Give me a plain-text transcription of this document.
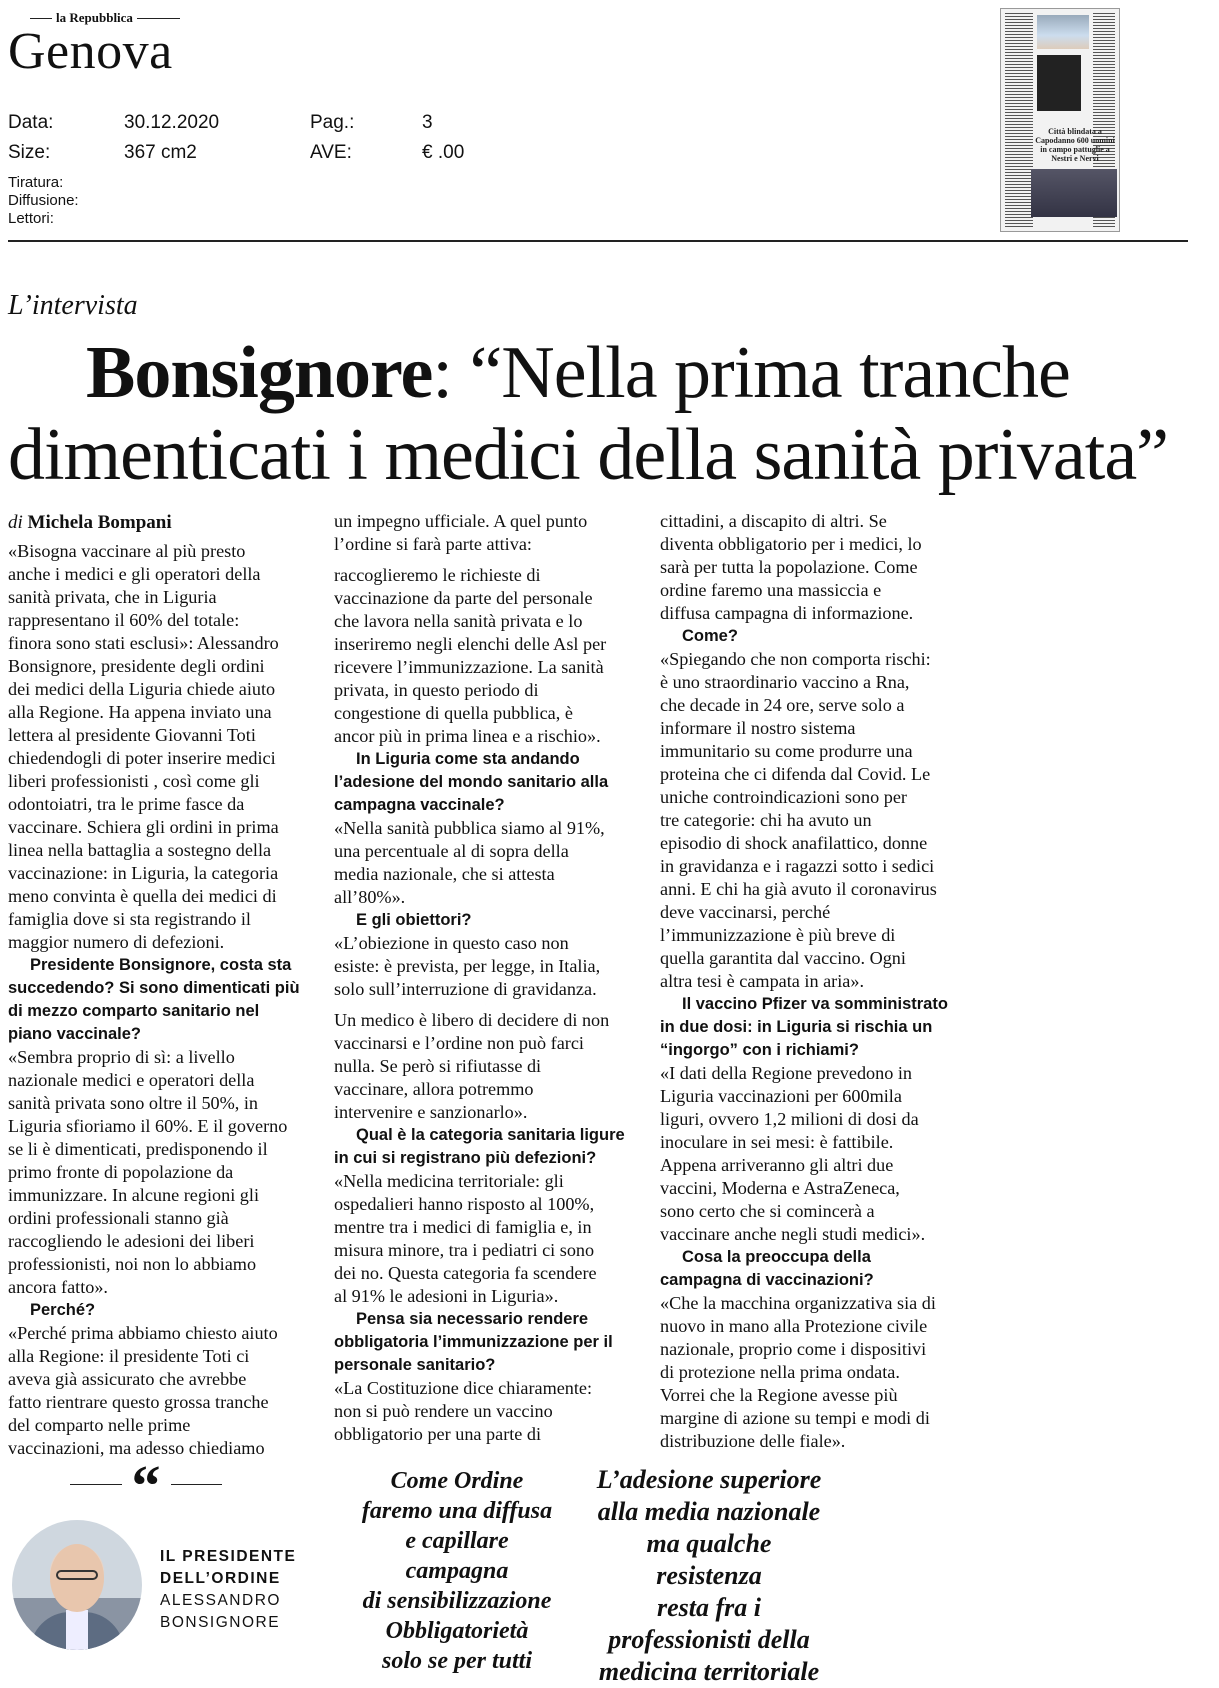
la Repubblica
Genova
Data:	30.12.2020	Pag.:	3
Size:	367 cm2	AVE:	€ .00
Tiratura:
Diffusione:
Lettori:
Città blindata a Capodanno 600 uomini in campo pattuglie a Nestri e Nervi
L’intervista
Bonsignore: “Nella prima tranche
dimenticati i medici della sanità privata”
di Michela Bompani

«Bisogna vaccinare al più presto
anche i medici e gli operatori della
sanità privata, che in Liguria
rappresentano il 60% del totale:
finora sono stati esclusi»: Alessandro
Bonsignore, presidente degli ordini
dei medici della Liguria chiede aiuto
alla Regione. Ha appena inviato una
lettera al presidente Giovanni Toti
chiedendogli di poter inserire medici
liberi professionisti , così come gli
odontoiatri, tra le prime fasce da
vaccinare. Schiera gli ordini in prima
linea nella battaglia a sostegno della
vaccinazione: in Liguria, la categoria
meno convinta è quella dei medici di
famiglia dove si sta registrando il
maggior numero di defezioni.

Presidente Bonsignore, costa sta
succedendo? Si sono dimenticati più
di mezzo comparto sanitario nel
piano vaccinale?

«Sembra proprio di sì: a livello
nazionale medici e operatori della
sanità privata sono oltre il 50%, in
Liguria sfioriamo il 60%. E il governo
se li è dimenticati, predisponendo il
primo fronte di popolazione da
immunizzare. In alcune regioni gli
ordini professionali stanno già
raccogliendo le adesioni dei liberi
professionisti, noi non lo abbiamo
ancora fatto».

Perché?

«Perché prima abbiamo chiesto aiuto
alla Regione: il presidente Toti ci
aveva già assicurato che avrebbe
fatto rientrare questo grossa tranche
del comparto nelle prime
vaccinazioni, ma adesso chiediamo

un impegno ufficiale. A quel punto
l’ordine si farà parte attiva:

raccoglieremo le richieste di
vaccinazione da parte del personale
che lavora nella sanità privata e lo
inseriremo negli elenchi delle Asl per
ricevere l’immunizzazione. La sanità
privata, in questo periodo di
congestione di quella pubblica, è
ancor più in prima linea e a rischio».

In Liguria come sta andando
l’adesione del mondo sanitario alla
campagna vaccinale?

«Nella sanità pubblica siamo al 91%,
una percentuale al di sopra della
media nazionale, che si attesta
all’80%».

E gli obiettori?

«L’obiezione in questo caso non
esiste: è prevista, per legge, in Italia,
solo sull’interruzione di gravidanza.

Un medico è libero di decidere di non
vaccinarsi e l’ordine non può farci
nulla. Se però si rifiutasse di
vaccinare, allora potremmo
intervenire e sanzionarlo».

Qual è la categoria sanitaria ligure
in cui si registrano più defezioni?

«Nella medicina territoriale: gli
ospedalieri hanno risposto al 100%,
mentre tra i medici di famiglia e, in
misura minore, tra i pediatri ci sono
dei no. Questa categoria fa scendere
al 91% le adesioni in Liguria».

Pensa sia necessario rendere
obbligatoria l’immunizzazione per il
personale sanitario?

«La Costituzione dice chiaramente:
non si può rendere un vaccino
obbligatorio per una parte di

cittadini, a discapito di altri. Se
diventa obbligatorio per i medici, lo
sarà per tutta la popolazione. Come
ordine faremo una massiccia e
diffusa campagna di informazione.

Come?

«Spiegando che non comporta rischi:
è uno straordinario vaccino a Rna,
che decade in 24 ore, serve solo a
informare il nostro sistema
immunitario su come produrre una
proteina che ci difenda dal Covid. Le
uniche controindicazioni sono per
tre categorie: chi ha avuto un
episodio di shock anafilattico, donne
in gravidanza e i ragazzi sotto i sedici
anni. E chi ha già avuto il coronavirus
deve vaccinarsi, perché
l’immunizzazione è più breve di
quella garantita dal vaccino. Ogni
altra tesi è campata in aria».

Il vaccino Pfizer va somministrato
in due dosi: in Liguria si rischia un
“ingorgo” con i richiami?

«I dati della Regione prevedono in
Liguria vaccinazioni per 600mila
liguri, ovvero 1,2 milioni di dosi da
inoculare in sei mesi: è fattibile.
Appena arriveranno gli altri due
vaccini, Moderna e AstraZeneca,
sono certo che si comincerà a
vaccinare anche negli studi medici».

Cosa la preoccupa della
campagna di vaccinazioni?

«Che la macchina organizzativa sia di
nuovo in mano alla Protezione civile
nazionale, proprio come i dispositivi
di protezione nella prima ondata.
Vorrei che la Regione avesse più
margine di azione su tempi e modi di
distribuzione delle fiale».

“
IL PRESIDENTE
DELL’ORDINE
ALESSANDRO
BONSIGNORE
Come Ordine
faremo una diffusa
e capillare
campagna
di sensibilizzazione
Obbligatorietà
solo se per tutti
L’adesione superiore
alla media nazionale
ma qualche
resistenza
resta fra i
professionisti della
medicina territoriale
